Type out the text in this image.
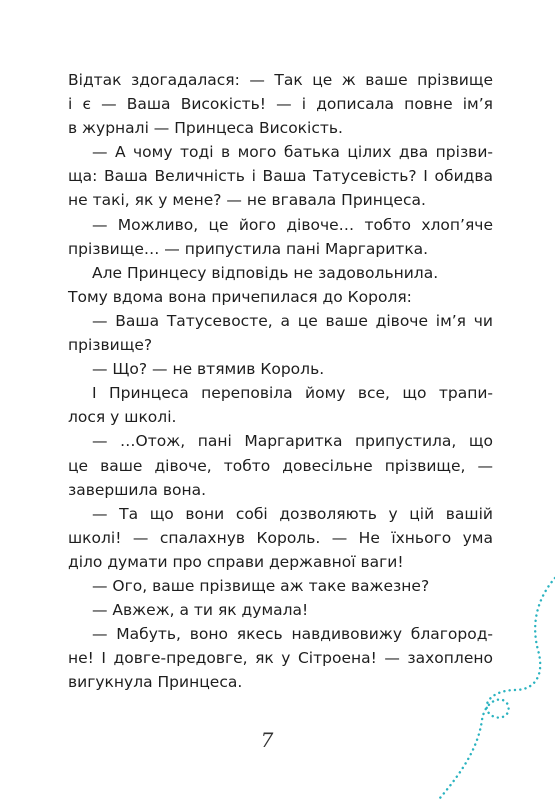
Відтак здогадалася: — Так це ж ваше прізвище
і є — Ваша Високість! — і дописала повне ім’я
в журналі — Принцеса Високість.
— А чому тоді в мого батька цілих два прізви-
ща: Ваша Величність і Ваша Татусевість? І обидва
не такі, як у мене? — не вгавала Принцеса.
— Можливо, це його дівоче… тобто хлоп’яче
прізвище… — припустила пані Маргаритка.
Але Принцесу відповідь не задовольнила.
Тому вдома вона причепилася до Короля:
— Ваша Татусевосте, а це ваше дівоче ім’я чи
прізвище?
— Що? — не втямив Король.
І Принцеса переповіла йому все, що трапи-
лося у школі.
— …Отож, пані Маргаритка припустила, що
це ваше дівоче, тобто довесільне прізвище, —
завершила вона.
— Та що вони собі дозволяють у цій вашій
школі! — спалахнув Король. — Не їхнього ума
діло думати про справи державної ваги!
— Ого, ваше прізвище аж таке важезне?
— Авжеж, а ти як думала!
— Мабуть, воно якесь навдивовижу благород-
не! І довге-предовге, як у Сітроена! — захоплено
вигукнула Принцеса.
7
